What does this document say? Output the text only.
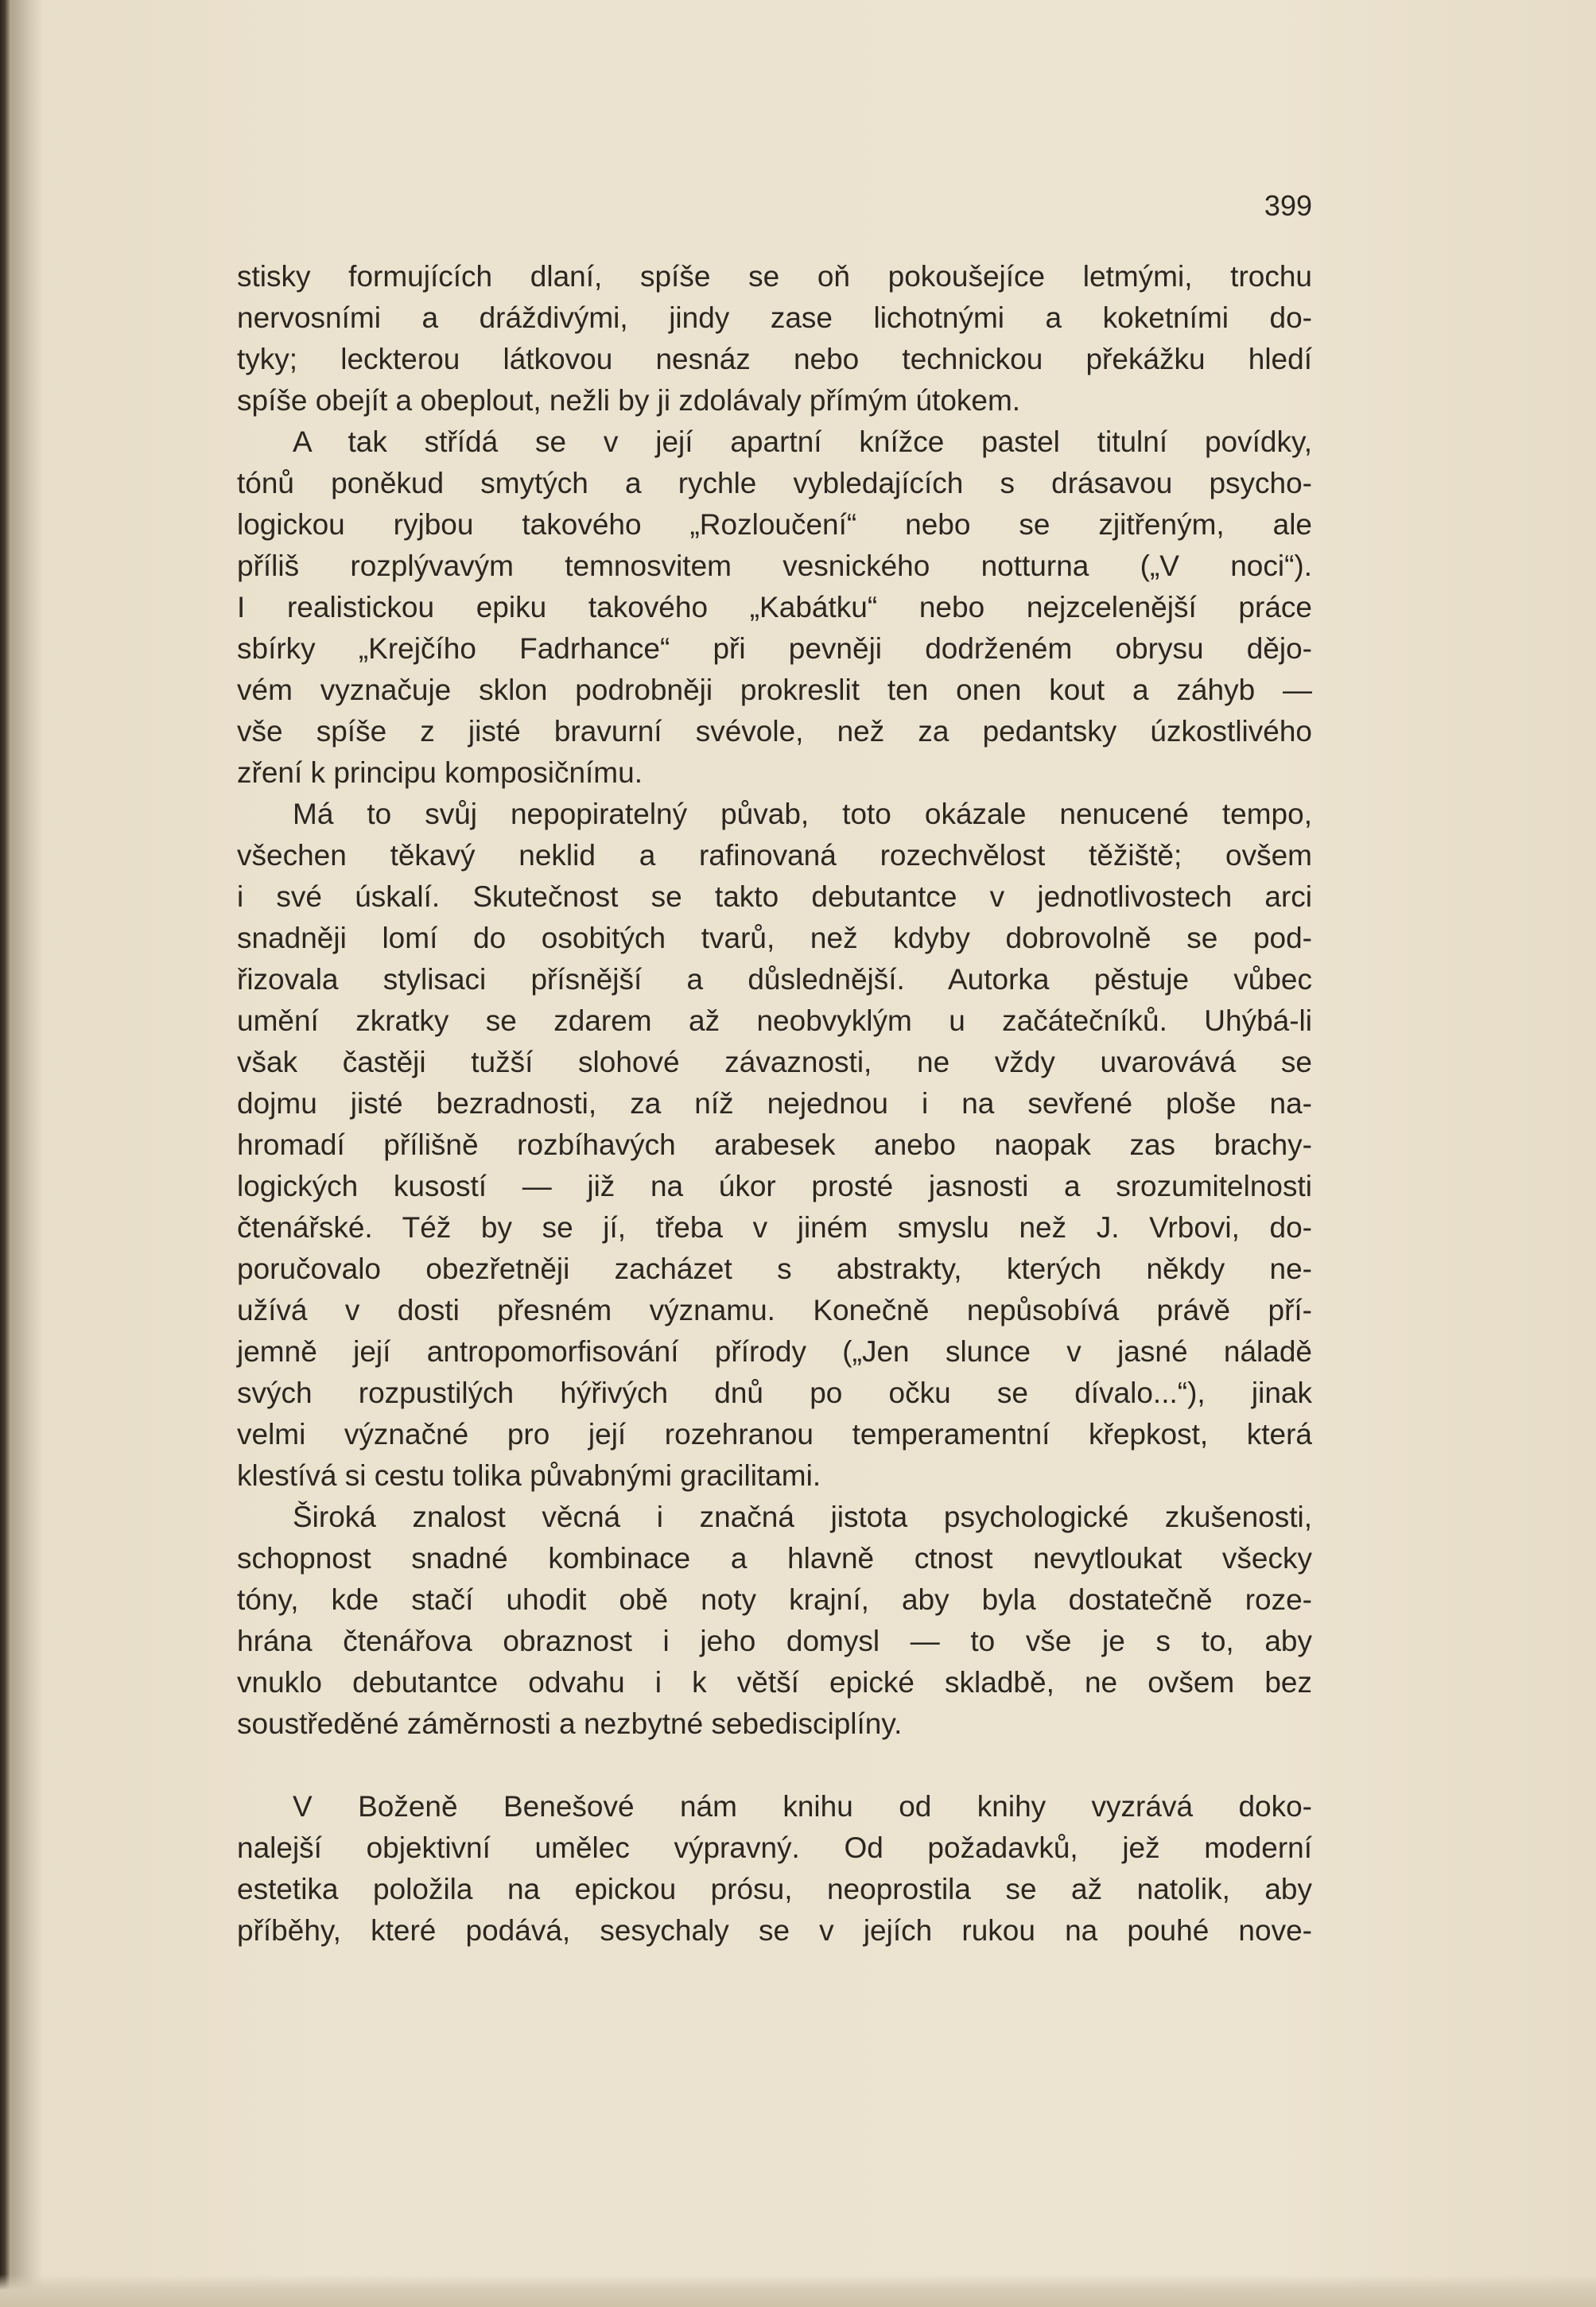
399
stisky formujících dlaní, spíše se oň pokoušejíce letmými, trochu
nervosními a dráždivými, jindy zase lichotnými a koketními do-
tyky; leckterou látkovou nesnáz nebo technickou překážku hledí
spíše obejít a obeplout, nežli by ji zdolávaly přímým útokem.
A tak střídá se v její apartní knížce pastel titulní povídky,
tónů poněkud smytých a rychle vybledajících s drásavou psycho-
logickou ryjbou takového „Rozloučení“ nebo se zjitřeným, ale
příliš rozplývavým temnosvitem vesnického notturna („V noci“).
I realistickou epiku takového „Kabátku“ nebo nejzcelenější práce
sbírky „Krejčího Fadrhance“ při pevněji dodrženém obrysu dějo-
vém vyznačuje sklon podrobněji prokreslit ten onen kout a záhyb —
vše spíše z jisté bravurní svévole, než za pedantsky úzkostlivého
zření k principu komposičnímu.
Má to svůj nepopiratelný půvab, toto okázale nenucené tempo,
všechen těkavý neklid a rafinovaná rozechvělost těžiště; ovšem
i své úskalí. Skutečnost se takto debutantce v jednotlivostech arci
snadněji lomí do osobitých tvarů, než kdyby dobrovolně se pod-
řizovala stylisaci přísnější a důslednější. Autorka pěstuje vůbec
umění zkratky se zdarem až neobvyklým u začátečníků. Uhýbá-li
však častěji tužší slohové závaznosti, ne vždy uvarovává se
dojmu jisté bezradnosti, za níž nejednou i na sevřené ploše na-
hromadí přílišně rozbíhavých arabesek anebo naopak zas brachy-
logických kusostí — již na úkor prosté jasnosti a srozumitelnosti
čtenářské. Též by se jí, třeba v jiném smyslu než J. Vrbovi, do-
poručovalo obezřetněji zacházet s abstrakty, kterých někdy ne-
užívá v dosti přesném významu. Konečně nepůsobívá právě pří-
jemně její antropomorfisování přírody („Jen slunce v jasné náladě
svých rozpustilých hýřivých dnů po očku se dívalo...“), jinak
velmi význačné pro její rozehranou temperamentní křepkost, která
klestívá si cestu tolika půvabnými gracilitami.
Široká znalost věcná i značná jistota psychologické zkušenosti,
schopnost snadné kombinace a hlavně ctnost nevytloukat všecky
tóny, kde stačí uhodit obě noty krajní, aby byla dostatečně roze-
hrána čtenářova obraznost i jeho domysl — to vše je s to, aby
vnuklo debutantce odvahu i k větší epické skladbě, ne ovšem bez
soustředěné záměrnosti a nezbytné sebedisciplíny.
V Boženě Benešové nám knihu od knihy vyzrává doko-
nalejší objektivní umělec výpravný. Od požadavků, jež moderní
estetika položila na epickou prósu, neoprostila se až natolik, aby
příběhy, které podává, sesychaly se v jejích rukou na pouhé nove-
